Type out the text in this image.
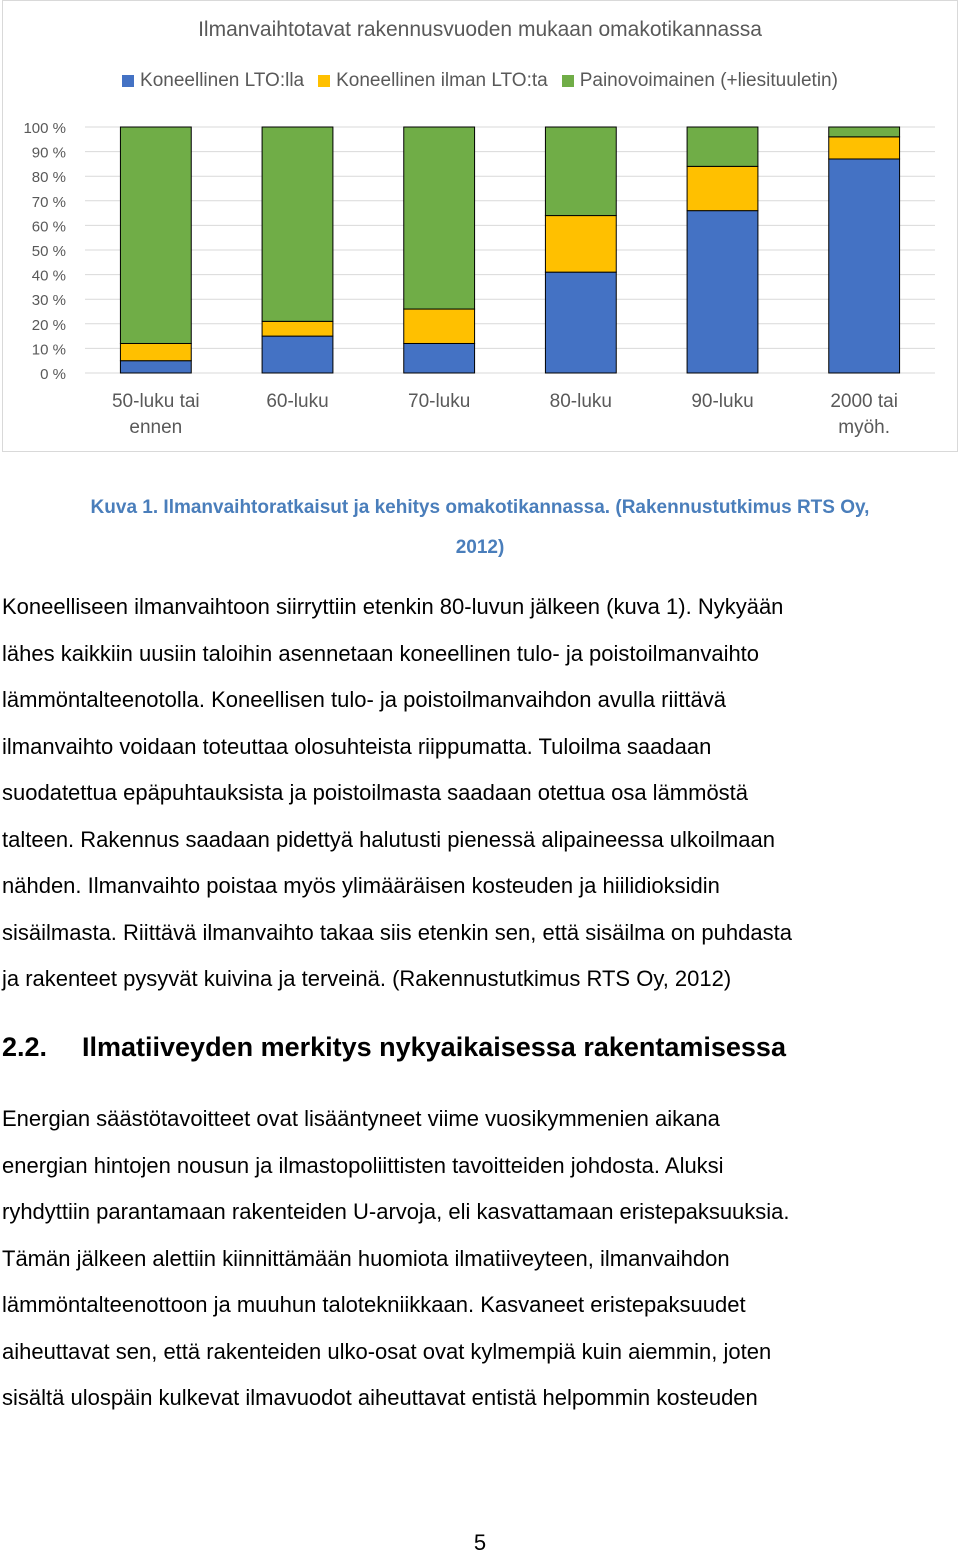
Ilmanvaihtotavat rakennusvuoden mukaan omakotikannassa
Koneellinen LTO:lla Koneellinen ilman LTO:ta Painovoimainen (+liesituuletin)
0 %
10 %
20 %
30 %
40 %
50 %
60 %
70 %
80 %
90 %
100 %
50-luku tai
ennen
60-luku	70-luku	80-luku	90-luku	2000 tai
myöh.
Kuva 1. Ilmanvaihtoratkaisut ja kehitys omakotikannassa. (Rakennustutkimus RTS Oy,
2012)
Koneelliseen ilmanvaihtoon siirryttiin etenkin 80-luvun jälkeen (kuva 1). Nykyään
lähes kaikkiin uusiin taloihin asennetaan koneellinen tulo- ja poistoilmanvaihto
lämmöntalteenotolla. Koneellisen tulo- ja poistoilmanvaihdon avulla riittävä
ilmanvaihto voidaan toteuttaa olosuhteista riippumatta. Tuloilma saadaan
suodatettua epäpuhtauksista ja poistoilmasta saadaan otettua osa lämmöstä
talteen. Rakennus saadaan pidettyä halutusti pienessä alipaineessa ulkoilmaan
nähden. Ilmanvaihto poistaa myös ylimääräisen kosteuden ja hiilidioksidin
sisäilmasta. Riittävä ilmanvaihto takaa siis etenkin sen, että sisäilma on puhdasta
ja rakenteet pysyvät kuivina ja terveinä. (Rakennustutkimus RTS Oy, 2012)
2.2. Ilmatiiveyden merkitys nykyaikaisessa rakentamisessa
Energian säästötavoitteet ovat lisääntyneet viime vuosikymmenien aikana
energian hintojen nousun ja ilmastopoliittisten tavoitteiden johdosta. Aluksi
ryhdyttiin parantamaan rakenteiden U-arvoja, eli kasvattamaan eristepaksuuksia.
Tämän jälkeen alettiin kiinnittämään huomiota ilmatiiveyteen, ilmanvaihdon
lämmöntalteenottoon ja muuhun talotekniikkaan. Kasvaneet eristepaksuudet
aiheuttavat sen, että rakenteiden ulko-osat ovat kylmempiä kuin aiemmin, joten
sisältä ulospäin kulkevat ilmavuodot aiheuttavat entistä helpommin kosteuden
5
